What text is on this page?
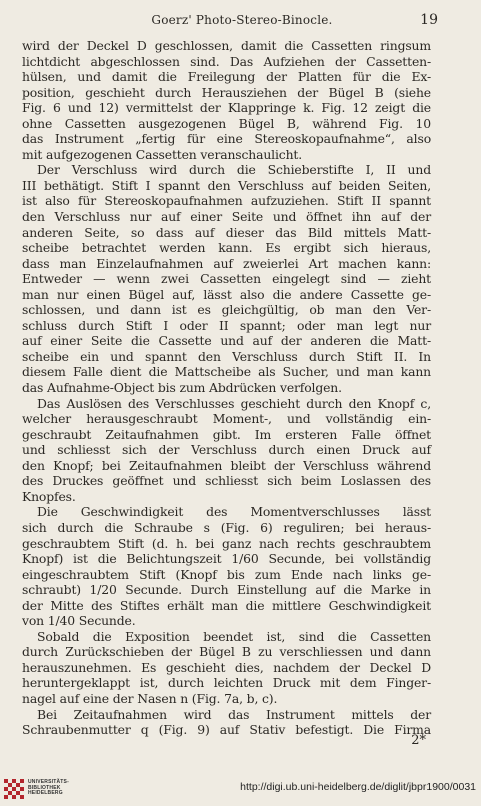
Goerz' Photo-Stereo-Binocle.	19
wird der Deckel D geschlossen, damit die Cassetten ringsum
lichtdicht abgeschlossen sind. Das Aufziehen der Cassetten-
hülsen, und damit die Freilegung der Platten für die Ex-
position, geschieht durch Herausziehen der Bügel B (siehe
Fig. 6 und 12) vermittelst der Klappringe k. Fig. 12 zeigt die
ohne Cassetten ausgezogenen Bügel B, während Fig. 10
das Instrument „fertig für eine Stereoskopaufnahme“, also
mit aufgezogenen Cassetten veranschaulicht.
Der Verschluss wird durch die Schieberstifte I, II und
III bethätigt. Stift I spannt den Verschluss auf beiden Seiten,
ist also für Stereoskopaufnahmen aufzuziehen. Stift II spannt
den Verschluss nur auf einer Seite und öffnet ihn auf der
anderen Seite, so dass auf dieser das Bild mittels Matt-
scheibe betrachtet werden kann. Es ergibt sich hieraus,
dass man Einzelaufnahmen auf zweierlei Art machen kann:
Entweder — wenn zwei Cassetten eingelegt sind — zieht
man nur einen Bügel auf, lässt also die andere Cassette ge-
schlossen, und dann ist es gleichgültig, ob man den Ver-
schluss durch Stift I oder II spannt; oder man legt nur
auf einer Seite die Cassette und auf der anderen die Matt-
scheibe ein und spannt den Verschluss durch Stift II. In
diesem Falle dient die Mattscheibe als Sucher, und man kann
das Aufnahme-Object bis zum Abdrücken verfolgen.
Das Auslösen des Verschlusses geschieht durch den Knopf c,
welcher herausgeschraubt Moment-, und vollständig ein-
geschraubt Zeitaufnahmen gibt. Im ersteren Falle öffnet
und schliesst sich der Verschluss durch einen Druck auf
den Knopf; bei Zeitaufnahmen bleibt der Verschluss während
des Druckes geöffnet und schliesst sich beim Loslassen des
Knopfes.
Die Geschwindigkeit des Momentverschlusses lässt
sich durch die Schraube s (Fig. 6) reguliren; bei heraus-
geschraubtem Stift (d. h. bei ganz nach rechts geschraubtem
Knopf) ist die Belichtungszeit 1/60 Secunde, bei vollständig
eingeschraubtem Stift (Knopf bis zum Ende nach links ge-
schraubt) 1/20 Secunde. Durch Einstellung auf die Marke in
der Mitte des Stiftes erhält man die mittlere Geschwindigkeit
von 1/40 Secunde.
Sobald die Exposition beendet ist, sind die Cassetten
durch Zurückschieben der Bügel B zu verschliessen und dann
herauszunehmen. Es geschieht dies, nachdem der Deckel D
heruntergeklappt ist, durch leichten Druck mit dem Finger-
nagel auf eine der Nasen n (Fig. 7a, b, c).
Bei Zeitaufnahmen wird das Instrument mittels der
Schraubenmutter q (Fig. 9) auf Stativ befestigt. Die Firma
2*
UNIVERSITÄTS-
BIBLIOTHEK
HEIDELBERG	http://digi.ub.uni-heidelberg.de/diglit/jbpr1900/0031
